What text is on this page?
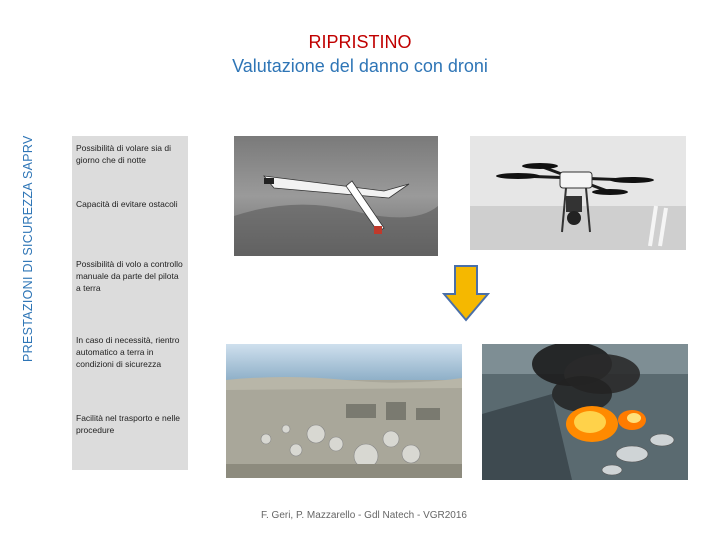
RIPRISTINO
Valutazione del danno con droni
PRESTAZIONI DI SICUREZZA SAPRV	Possibilità di volare sia di giorno che di notte
Capacità di evitare ostacoli
Possibilità di volo a controllo manuale da parte del pilota a terra
In caso di necessità, rientro automatico a terra in condizioni di sicurezza
Facilità nel trasporto e nelle procedure
F. Geri, P. Mazzarello - Gdl Natech - VGR2016
